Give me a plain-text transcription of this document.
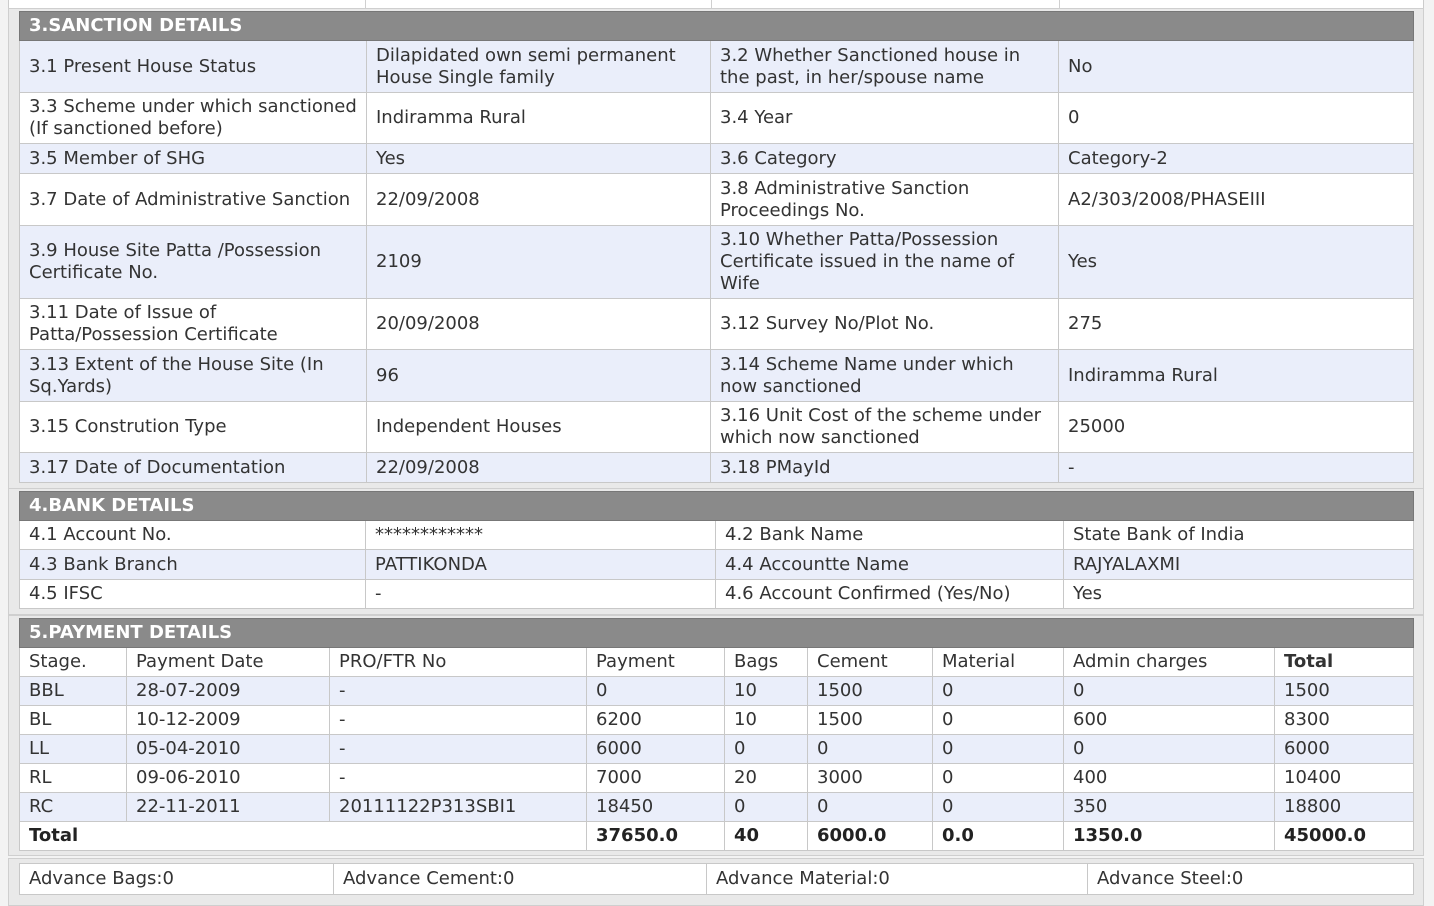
3.SANCTION DETAILS			
3.1 Present House Status	Dilapidated own semi permanent House Single family	3.2 Whether Sanctioned house in the past, in her/spouse name	No
3.3 Scheme under which sanctioned (If sanctioned before)	Indiramma Rural	3.4 Year	0
3.5 Member of SHG	Yes	3.6 Category	Category-2
3.7 Date of Administrative Sanction	22/09/2008	3.8 Administrative Sanction Proceedings No.	A2/303/2008/PHASEIII
3.9 House Site Patta /Possession Certificate No.	2109	3.10 Whether Patta/Possession Certificate issued in the name of Wife	Yes
3.11 Date of Issue of Patta/Possession Certificate	20/09/2008	3.12 Survey No/Plot No.	275
3.13 Extent of the House Site (In Sq.Yards)	96	3.14 Scheme Name under which now sanctioned	Indiramma Rural
3.15 Constrution Type	Independent Houses	3.16 Unit Cost of the scheme under which now sanctioned	25000
3.17 Date of Documentation	22/09/2008	3.18 PMayId	-
4.BANK DETAILS			
4.1 Account No.	************	4.2 Bank Name	State Bank of India
4.3 Bank Branch	PATTIKONDA	4.4 Accountte Name	RAJYALAXMI
4.5 IFSC	-	4.6 Account Confirmed (Yes/No)	Yes
5.PAYMENT DETAILS								
Stage.	Payment Date	PRO/FTR No	Payment	Bags	Cement	Material	Admin charges	Total
BBL	28-07-2009	-	0	10	1500	0	0	1500
BL	10-12-2009	-	6200	10	1500	0	600	8300
LL	05-04-2010	-	6000	0	0	0	0	6000
RL	09-06-2010	-	7000	20	3000	0	400	10400
RC	22-11-2011	20111122P313SBI1	18450	0	0	0	350	18800
Total			37650.0	40	6000.0	0.0	1350.0	45000.0
Advance Bags:0	Advance Cement:0	Advance Material:0	Advance Steel:0
